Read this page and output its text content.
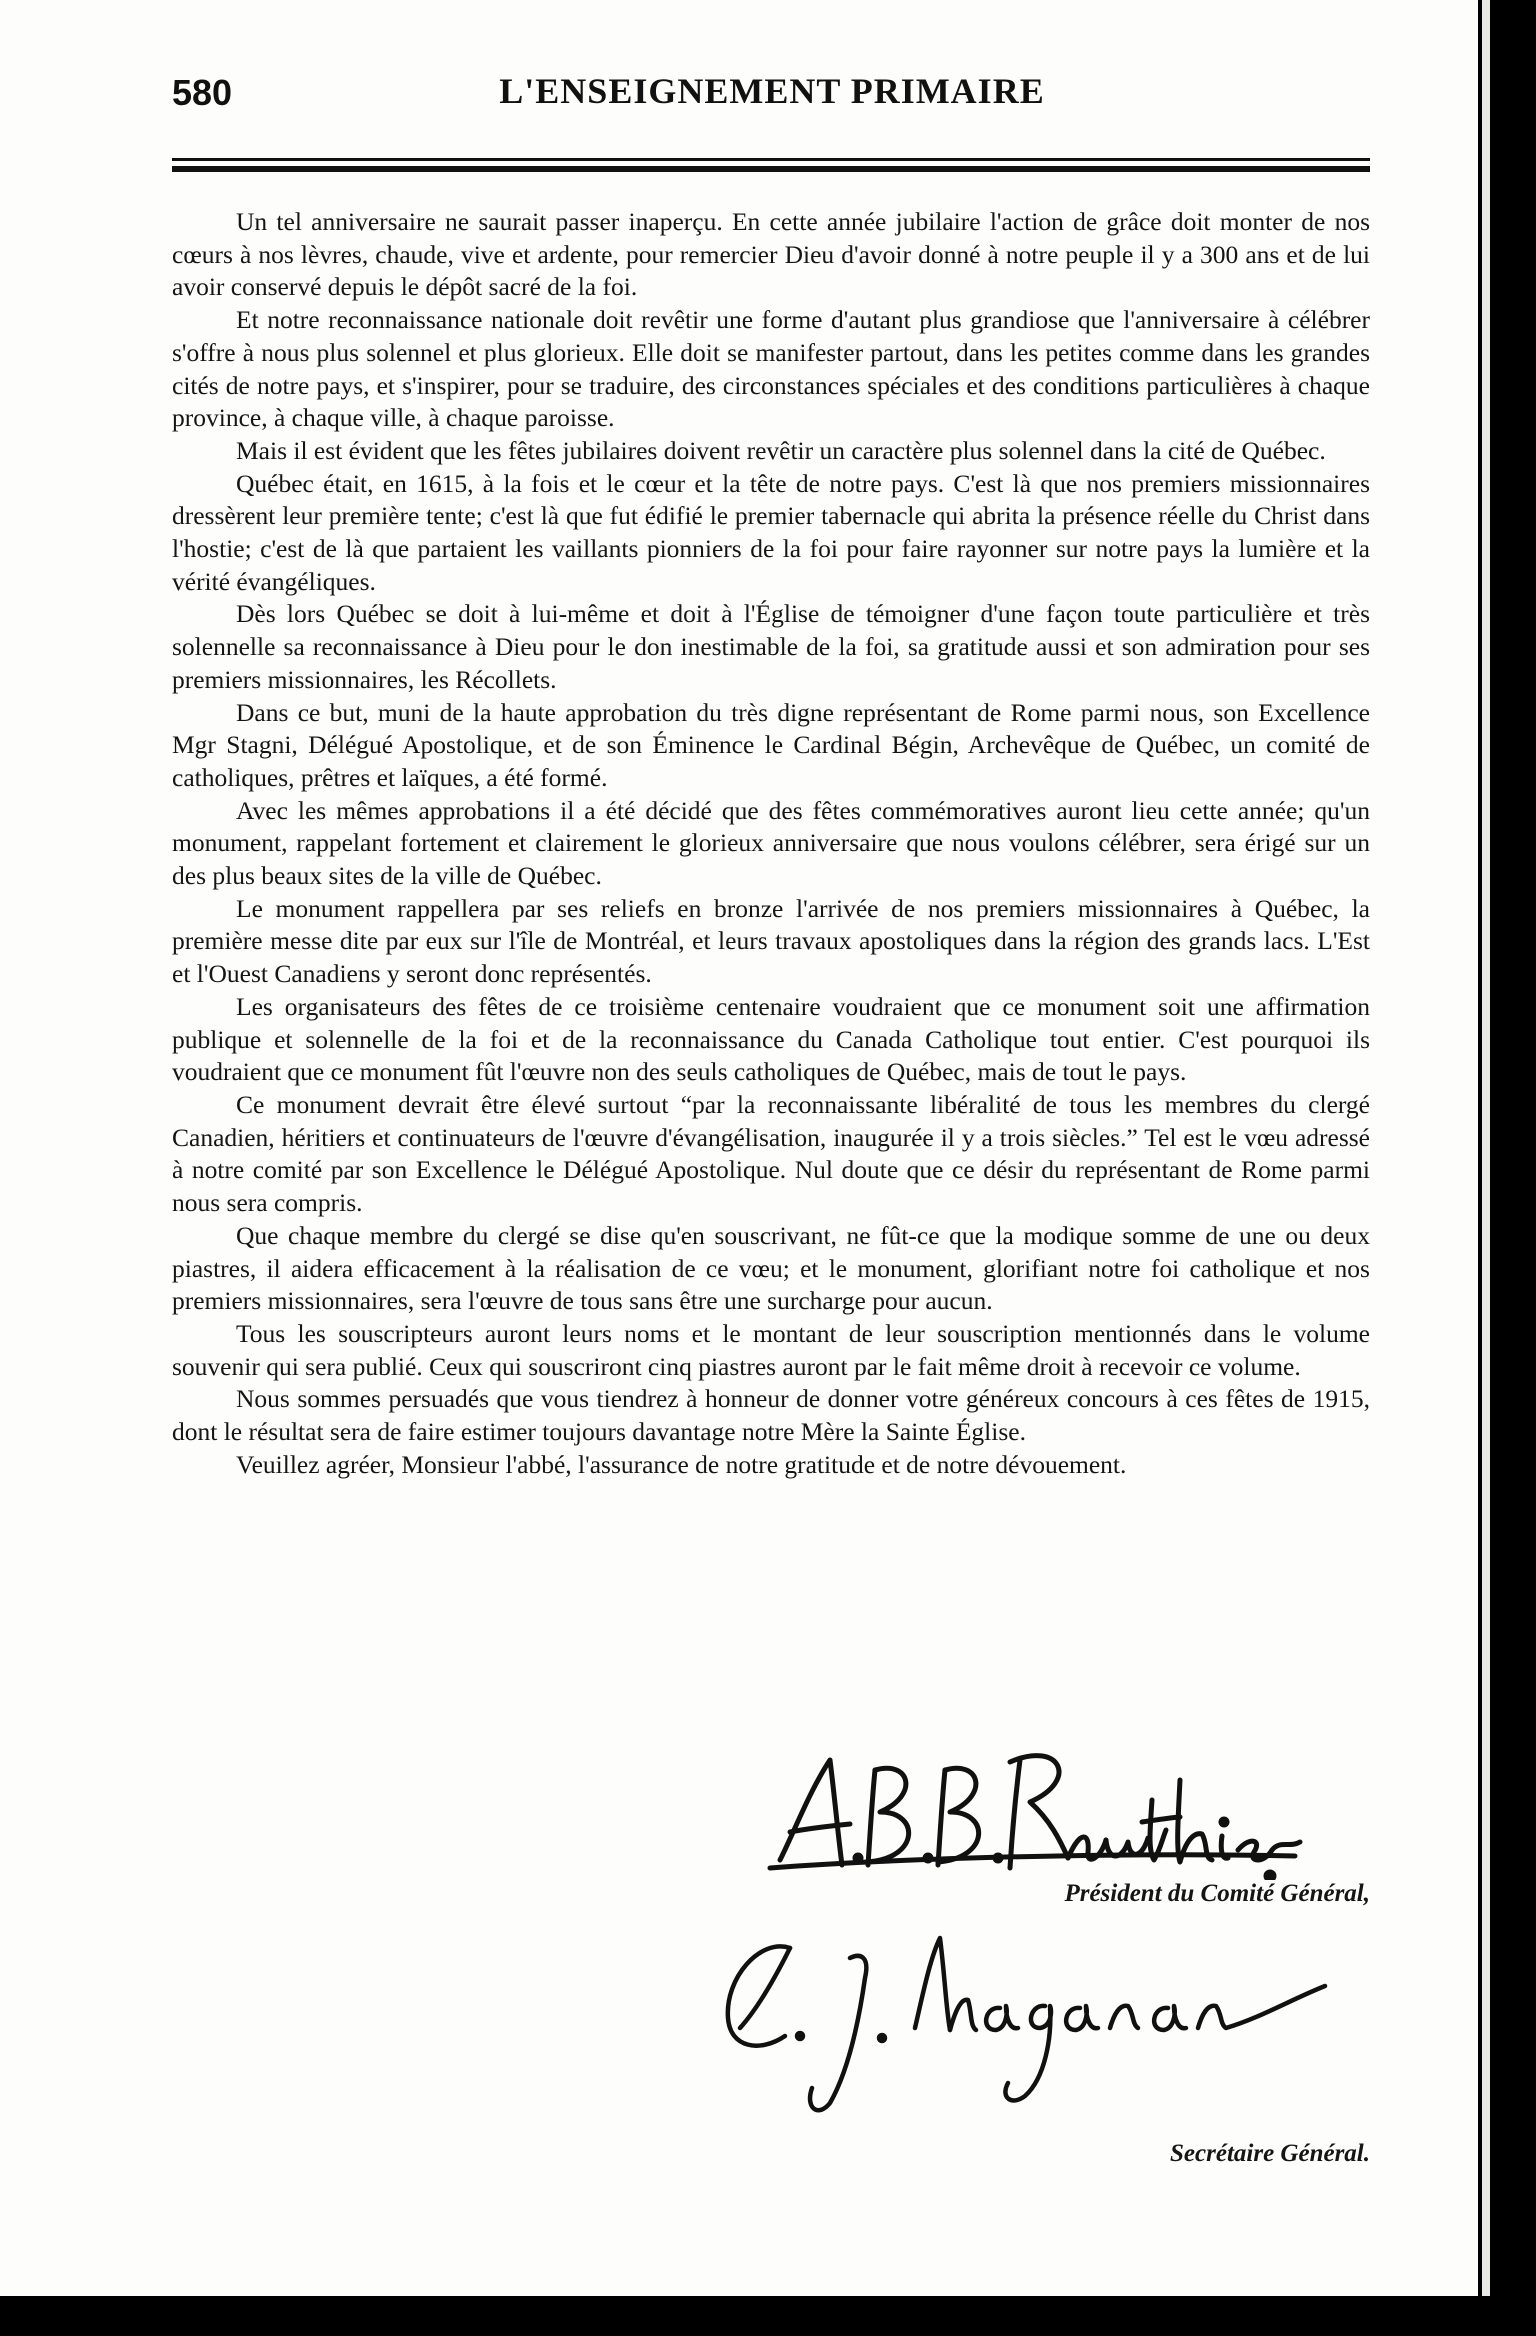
580	L'ENSEIGNEMENT PRIMAIRE

Un tel anniversaire ne saurait passer inaperçu. En cette année jubilaire l'action de grâce doit monter de nos cœurs à nos lèvres, chaude, vive et ardente, pour remercier Dieu d'avoir donné à notre peuple il y a 300 ans et de lui avoir conservé depuis le dépôt sacré de la foi.

Et notre reconnaissance nationale doit revêtir une forme d'autant plus grandiose que l'anniversaire à célébrer s'offre à nous plus solennel et plus glorieux. Elle doit se manifester partout, dans les petites comme dans les grandes cités de notre pays, et s'inspirer, pour se traduire, des circonstances spéciales et des conditions particulières à chaque province, à chaque ville, à chaque paroisse.

Mais il est évident que les fêtes jubilaires doivent revêtir un caractère plus solennel dans la cité de Québec.

Québec était, en 1615, à la fois et le cœur et la tête de notre pays. C'est là que nos premiers missionnaires dressèrent leur première tente; c'est là que fut édifié le premier tabernacle qui abrita la présence réelle du Christ dans l'hostie; c'est de là que partaient les vaillants pionniers de la foi pour faire rayonner sur notre pays la lumière et la vérité évangéliques.

Dès lors Québec se doit à lui-même et doit à l'Église de témoigner d'une façon toute particulière et très solennelle sa reconnaissance à Dieu pour le don inestimable de la foi, sa gratitude aussi et son admiration pour ses premiers missionnaires, les Récollets.

Dans ce but, muni de la haute approbation du très digne représentant de Rome parmi nous, son Excellence Mgr Stagni, Délégué Apostolique, et de son Éminence le Cardinal Bégin, Archevêque de Québec, un comité de catholiques, prêtres et laïques, a été formé.

Avec les mêmes approbations il a été décidé que des fêtes commémoratives auront lieu cette année; qu'un monument, rappelant fortement et clairement le glorieux anniversaire que nous voulons célébrer, sera érigé sur un des plus beaux sites de la ville de Québec.

Le monument rappellera par ses reliefs en bronze l'arrivée de nos premiers missionnaires à Québec, la première messe dite par eux sur l'île de Montréal, et leurs travaux apostoliques dans la région des grands lacs. L'Est et l'Ouest Canadiens y seront donc représentés.

Les organisateurs des fêtes de ce troisième centenaire voudraient que ce monument soit une affirmation publique et solennelle de la foi et de la reconnaissance du Canada Catholique tout entier. C'est pourquoi ils voudraient que ce monument fût l'œuvre non des seuls catholiques de Québec, mais de tout le pays.

Ce monument devrait être élevé surtout “par la reconnaissante libéralité de tous les membres du clergé Canadien, héritiers et continuateurs de l'œuvre d'évangélisation, inaugurée il y a trois siècles.” Tel est le vœu adressé à notre comité par son Excellence le Délégué Apostolique. Nul doute que ce désir du représentant de Rome parmi nous sera compris.

Que chaque membre du clergé se dise qu'en souscrivant, ne fût-ce que la modique somme de une ou deux piastres, il aidera efficacement à la réalisation de ce vœu; et le monument, glorifiant notre foi catholique et nos premiers missionnaires, sera l'œuvre de tous sans être une surcharge pour aucun.

Tous les souscripteurs auront leurs noms et le montant de leur souscription mentionnés dans le volume souvenir qui sera publié. Ceux qui souscriront cinq piastres auront par le fait même droit à recevoir ce volume.

Nous sommes persuadés que vous tiendrez à honneur de donner votre généreux concours à ces fêtes de 1915, dont le résultat sera de faire estimer toujours davantage notre Mère la Sainte Église.

Veuillez agréer, Monsieur l'abbé, l'assurance de notre gratitude et de notre dévouement.

Président du Comité Général,
Secrétaire Général.
